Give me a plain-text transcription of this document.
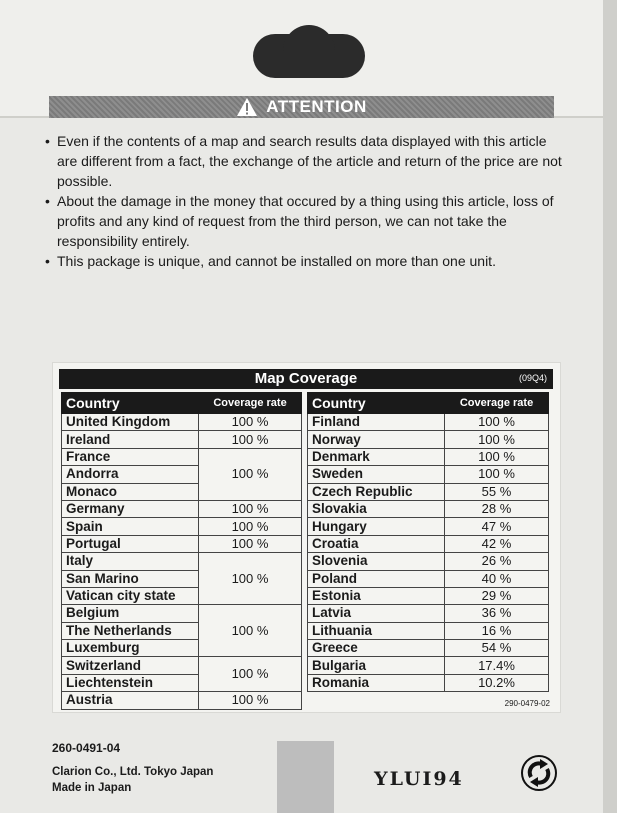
ATTENTION

• Even if the contents of a map and search results data displayed with this article are different from a fact, the exchange of the article and return of the price are not possible.

• About the damage in the money that occured by a thing using this article, loss of profits and any kind of request from the third person, we can not take the responsibility entirely.

• This package is unique, and cannot be installed on more than one unit.

Map Coverage	(09Q4)
Country	Coverage rate
United Kingdom	100 %
Ireland	100 %
France	100 %
Andorra	
Monaco	
Germany	100 %
Spain	100 %
Portugal	100 %
Italy	100 %
San Marino	
Vatican city state	
Belgium	100 %
The Netherlands	
Luxemburg	
Switzerland	100 %
Liechtenstein	
Austria	100 %
Country	Coverage rate
Finland	100 %
Norway	100 %
Denmark	100 %
Sweden	100 %
Czech Republic	55 %
Slovakia	28 %
Hungary	47 %
Croatia	42 %
Slovenia	26 %
Poland	40 %
Estonia	29 %
Latvia	36 %
Lithuania	16 %
Greece	54 %
Bulgaria	17.4%
Romania	10.2%
290-0479-02
260-0491-04
Clarion Co., Ltd. Tokyo Japan
Made in Japan	YLUI94
